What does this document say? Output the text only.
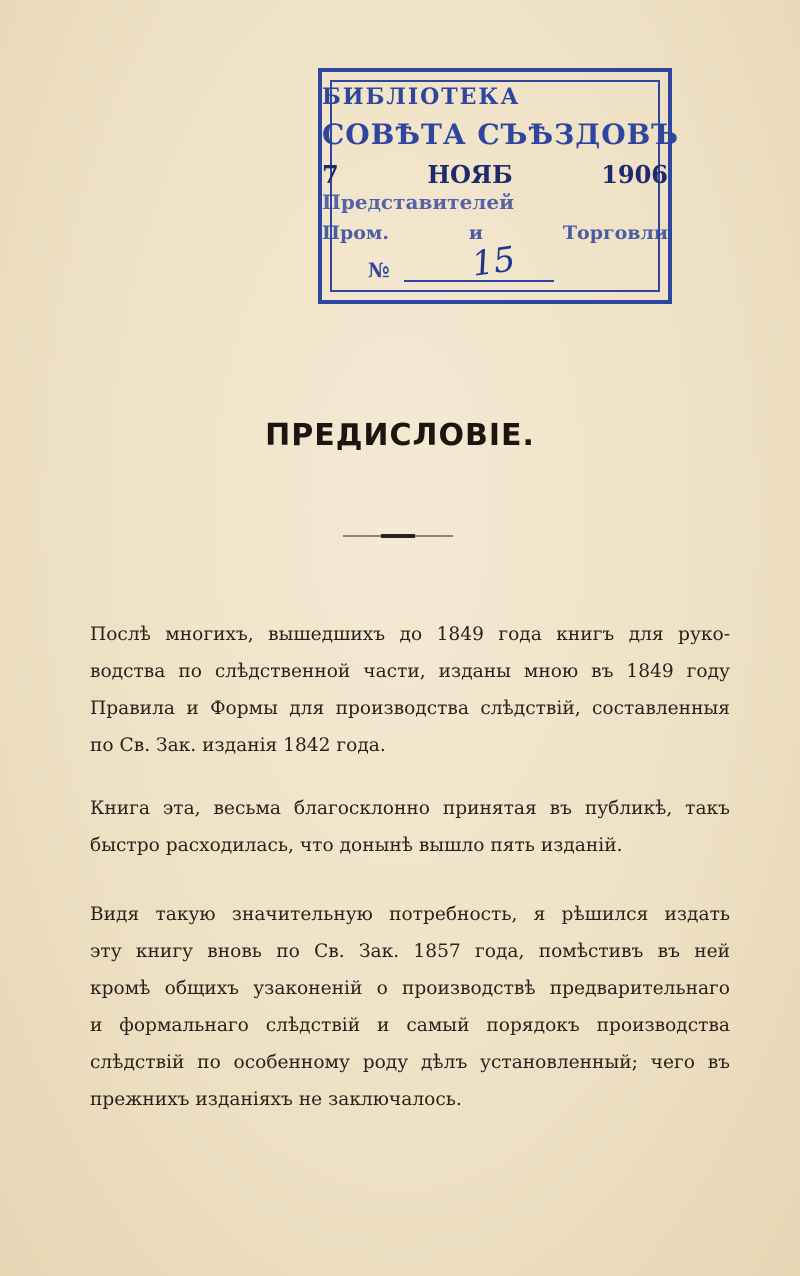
БИБЛІОТЕКА
СОВѢТА СЪѢЗДОВЪ
7 НОЯБ 1906
Представителей
Пром. и Торговли
№ 15
ПРЕДИСЛОВІЕ.
Послѣ многихъ, вышедшихъ до 1849 года книгъ для руко-
водства по слѣдственной части, изданы мною въ 1849 году
Правила и Формы для производства слѣдствій, составленныя
по Св. Зак. изданія 1842 года.
Книга эта, весьма благосклонно принятая въ публикѣ, такъ
быстро расходилась, что донынѣ вышло пять изданій.
Видя такую значительную потребность, я рѣшился издать
эту книгу вновь по Св. Зак. 1857 года, помѣстивъ въ ней
кромѣ общихъ узаконеній о производствѣ предварительнаго
и формальнаго слѣдствій и самый порядокъ производства
слѣдствій по особенному роду дѣлъ установленный; чего въ
прежнихъ изданіяхъ не заключалось.
